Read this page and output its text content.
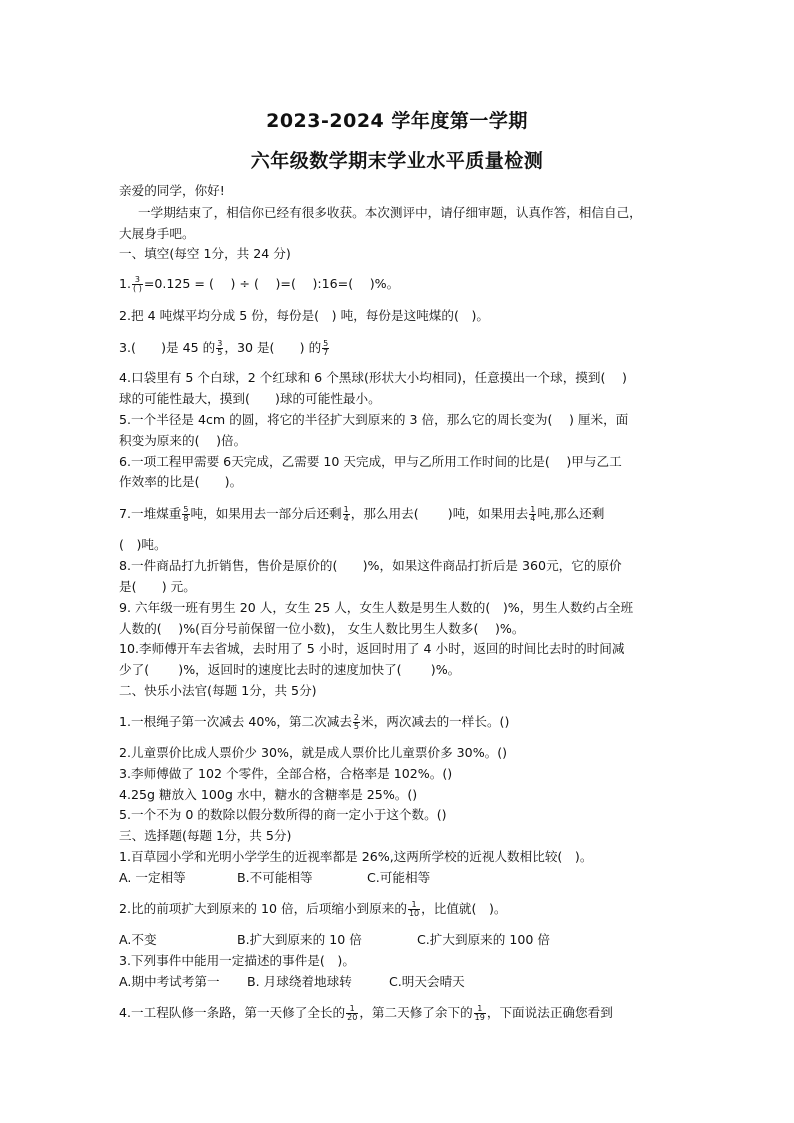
2023-2024 学年度第一学期
六年级数学期末学业水平质量检测
亲爱的同学，你好!
一学期结束了，相信你已经有很多收获。本次测评中，请仔细审题，认真作答，相信自己，
大展身手吧。
一、填空(每空 1分，共 24 分)
1. $\frac{3}{( )} =0.125$ = (　 ) ÷ (　 )=(　 ):16=(　 )%。
2.把 4 吨煤平均分成 5 份，每份是(　) 吨，每份是这吨煤的(　)。
3.(　　)是 45 的 $\frac{3}{5}$ ，30 是(　　) 的 $\frac{5}{7}$
4.口袋里有 5 个白球，2 个红球和 6 个黑球(形状大小均相同)，任意摸出一个球，摸到(　 )
球的可能性最大，摸到(　　)球的可能性最小。
5.一个半径是 4cm 的圆，将它的半径扩大到原来的 3 倍，那么它的周长变为(　 ) 厘米，面
积变为原来的(　 )倍。
6.一项工程甲需要 6天完成，乙需要 10 天完成，甲与乙所用工作时间的比是(　 )甲与乙工
作效率的比是(　　)。
7.一堆煤重 $\frac{5}{8}$ 吨，如果用去一部分后还剩 $\frac{1}{4}$ ，那么用去(　　 )吨，如果用去 $\frac{1}{4}$ 吨,那么还剩
(　)吨。
8.一件商品打九折销售，售价是原价的(　　)%，如果这件商品打折后是 360元，它的原价
是(　　) 元。
9. 六年级一班有男生 20 人，女生 25 人，女生人数是男生人数的(　)%，男生人数约占全班
人数的(　 )%(百分号前保留一位小数)， 女生人数比男生人数多(　 )%。
10.李师傅开车去省城，去时用了 5 小时，返回时用了 4 小时，返回的时间比去时的时间减
少了(　　 )%，返回时的速度比去时的速度加快了(　　 )%。
二、快乐小法官(每题 1分，共 5分)
1.一根绳子第一次减去 40%，第二次减去 $\frac{2}{5}$ 米，两次减去的一样长。()
2.儿童票价比成人票价少 30%，就是成人票价比儿童票价多 30%。()
3.李师傅做了 102 个零件，全部合格，合格率是 102%。()
4.25g 糖放入 100g 水中，糖水的含糖率是 25%。()
5.一个不为 0 的数除以假分数所得的商一定小于这个数。()
三、选择题(每题 1分，共 5分)
1.百草园小学和光明小学学生的近视率都是 26%,这两所学校的近视人数相比较(　)。
A. 一定相等	B.不可能相等	C.可能相等
2.比的前项扩大到原来的 10 倍，后项缩小到原来的 $\frac{1}{10}$ ，比值就(　)。
A.不变	B.扩大到原来的 10 倍	C.扩大到原来的 100 倍
3.下列事件中能用一定描述的事件是(　)。
A.期中考试考第一 B. 月球绕着地球转	C.明天会晴天
4.一工程队修一条路，第一天修了全长的 $\frac{1}{20}$ ，第二天修了余下的 $\frac{1}{19}$ ，下面说法正确您看到
